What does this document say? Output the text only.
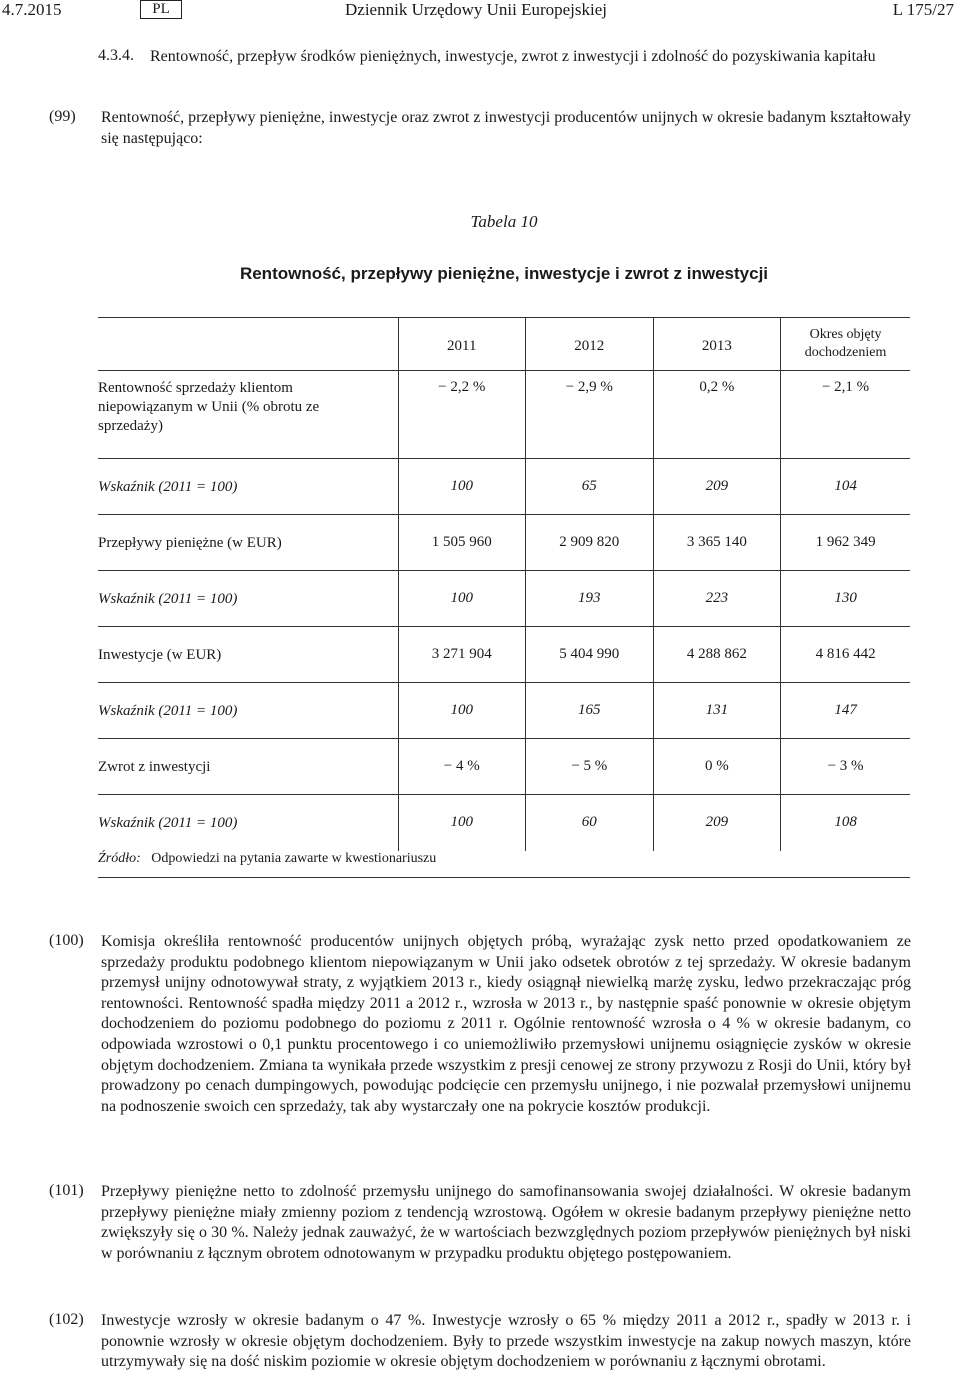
4.7.2015	PL	Dziennik Urzędowy Unii Europejskiej	L 175/27
4.3.4. Rentowność, przepływ środków pieniężnych, inwestycje, zwrot z inwestycji i zdolność do pozyskiwania kapitału
(99) Rentowność, przepływy pieniężne, inwestycje oraz zwrot z inwestycji producentów unijnych w okresie badanym kształtowały się następująco:
Tabela 10
Rentowność, przepływy pieniężne, inwestycje i zwrot z inwestycji
	2011	2012	2013	Okres objęty dochodzeniem
Rentowność sprzedaży klientom niepowiązanym w Unii (% obrotu ze sprzedaży)	− 2,2 %	− 2,9 %	0,2 %	− 2,1 %
Wskaźnik (2011 = 100)	100	65	209	104
Przepływy pieniężne (w EUR)	1 505 960	2 909 820	3 365 140	1 962 349
Wskaźnik (2011 = 100)	100	193	223	130
Inwestycje (w EUR)	3 271 904	5 404 990	4 288 862	4 816 442
Wskaźnik (2011 = 100)	100	165	131	147
Zwrot z inwestycji	− 4 %	− 5 %	0 %	− 3 %
Wskaźnik (2011 = 100)	100	60	209	108
Źródło: Odpowiedzi na pytania zawarte w kwestionariuszu
(100) Komisja określiła rentowność producentów unijnych objętych próbą, wyrażając zysk netto przed opodatkowaniem ze sprzedaży produktu podobnego klientom niepowiązanym w Unii jako odsetek obrotów z tej sprzedaży. W okresie badanym przemysł unijny odnotowywał straty, z wyjątkiem 2013 r., kiedy osiągnął niewielką marżę zysku, ledwo przekraczając próg rentowności. Rentowność spadła między 2011 a 2012 r., wzrosła w 2013 r., by następnie spaść ponownie w okresie objętym dochodzeniem do poziomu podobnego do poziomu z 2011 r. Ogólnie rentowność wzrosła o 4 % w okresie badanym, co odpowiada wzrostowi o 0,1 punktu procentowego i co uniemożliwiło przemysłowi unijnemu osiągnięcie zysków w okresie objętym dochodzeniem. Zmiana ta wynikała przede wszystkim z presji cenowej ze strony przywozu z Rosji do Unii, który był prowadzony po cenach dumpingowych, powodując podcięcie cen przemysłu unijnego, i nie pozwalał przemysłowi unijnemu na podnoszenie swoich cen sprzedaży, tak aby wystarczały one na pokrycie kosztów produkcji.
(101) Przepływy pieniężne netto to zdolność przemysłu unijnego do samofinansowania swojej działalności. W okresie badanym przepływy pieniężne miały zmienny poziom z tendencją wzrostową. Ogółem w okresie badanym przepływy pieniężne netto zwiększyły się o 30 %. Należy jednak zauważyć, że w wartościach bezwzględnych poziom przepływów pieniężnych był niski w porównaniu z łącznym obrotem odnotowanym w przypadku produktu objętego postępowaniem.
(102) Inwestycje wzrosły w okresie badanym o 47 %. Inwestycje wzrosły o 65 % między 2011 a 2012 r., spadły w 2013 r. i ponownie wzrosły w okresie objętym dochodzeniem. Były to przede wszystkim inwestycje na zakup nowych maszyn, które utrzymywały się na dość niskim poziomie w okresie objętym dochodzeniem w porównaniu z łącznymi obrotami.
